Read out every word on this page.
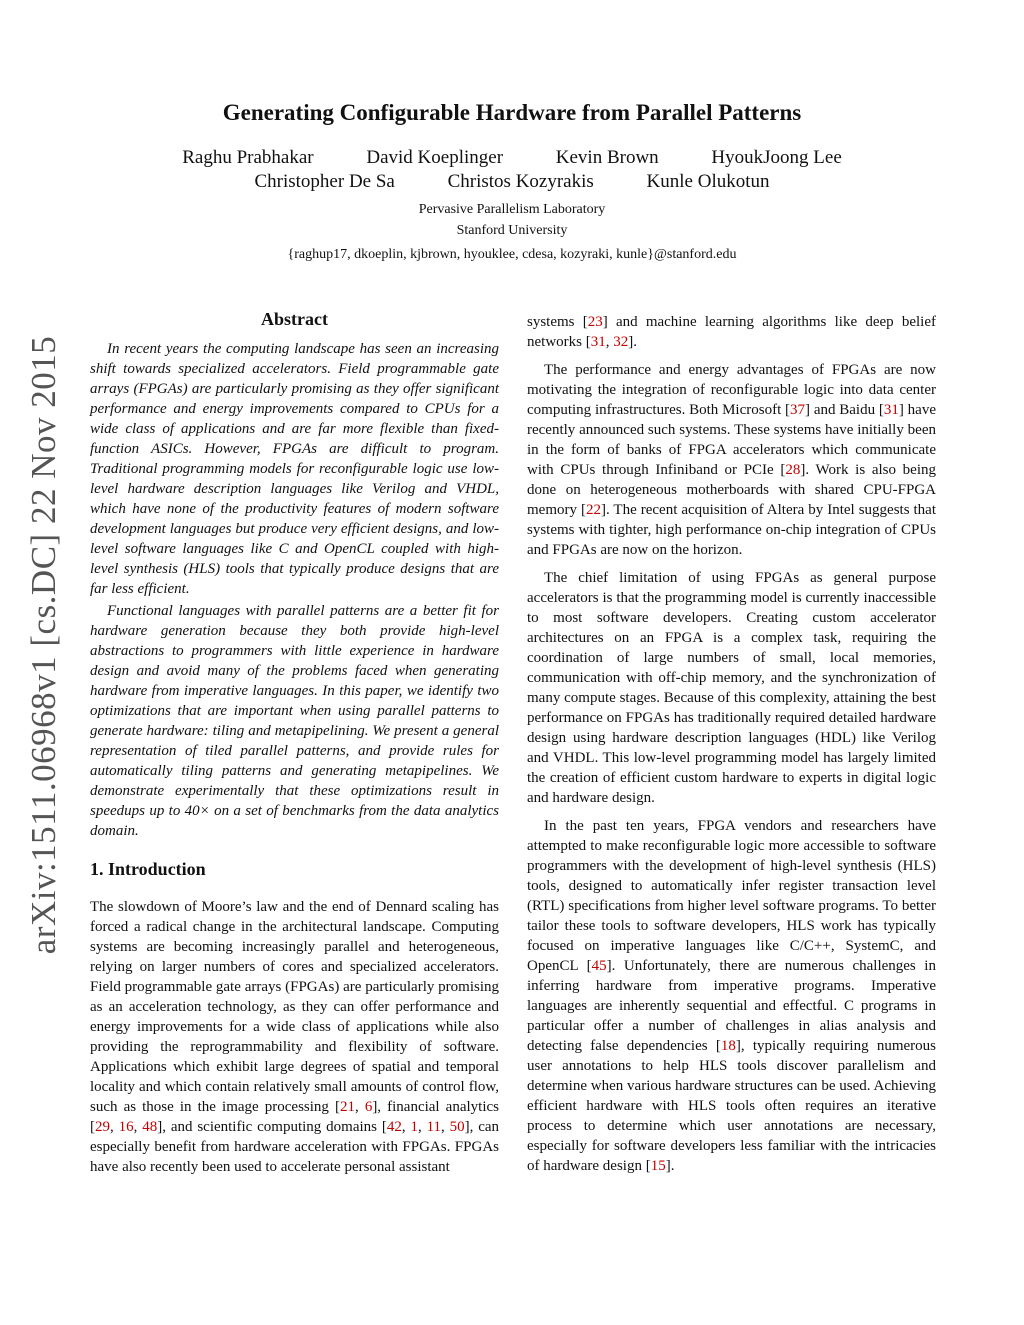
arXiv:1511.06968v1 [cs.DC] 22 Nov 2015
Generating Configurable Hardware from Parallel Patterns
Raghu Prabhakar	David Koeplinger	Kevin Brown	HyoukJoong Lee
Christopher De Sa	Christos Kozyrakis	Kunle Olukotun
Pervasive Parallelism Laboratory
Stanford University
{raghup17, dkoeplin, kjbrown, hyouklee, cdesa, kozyraki, kunle}@stanford.edu
Abstract

In recent years the computing landscape has seen an increasing shift towards specialized accelerators. Field programmable gate arrays (FPGAs) are particularly promising as they offer significant performance and energy improvements compared to CPUs for a wide class of applications and are far more flexible than fixed-function ASICs. However, FPGAs are difficult to program. Traditional programming models for reconfigurable logic use low-level hardware description languages like Verilog and VHDL, which have none of the productivity features of modern software development languages but produce very efficient designs, and low-level software languages like C and OpenCL coupled with high-level synthesis (HLS) tools that typically produce designs that are far less efficient.

Functional languages with parallel patterns are a better fit for hardware generation because they both provide high-level abstractions to programmers with little experience in hardware design and avoid many of the problems faced when generating hardware from imperative languages. In this paper, we identify two optimizations that are important when using parallel patterns to generate hardware: tiling and metapipelining. We present a general representation of tiled parallel patterns, and provide rules for automatically tiling patterns and generating metapipelines. We demonstrate experimentally that these optimizations result in speedups up to 40× on a set of benchmarks from the data analytics domain.

1. Introduction

The slowdown of Moore’s law and the end of Dennard scaling has forced a radical change in the architectural landscape. Computing systems are becoming increasingly parallel and heterogeneous, relying on larger numbers of cores and specialized accelerators. Field programmable gate arrays (FPGAs) are particularly promising as an acceleration technology, as they can offer performance and energy improvements for a wide class of applications while also providing the reprogrammability and flexibility of software. Applications which exhibit large degrees of spatial and temporal locality and which contain relatively small amounts of control flow, such as those in the image processing [21, 6], financial analytics [29, 16, 48], and scientific computing domains [42, 1, 11, 50], can especially benefit from hardware acceleration with FPGAs. FPGAs have also recently been used to accelerate personal assistant

systems [23] and machine learning algorithms like deep belief networks [31, 32].

The performance and energy advantages of FPGAs are now motivating the integration of reconfigurable logic into data center computing infrastructures. Both Microsoft [37] and Baidu [31] have recently announced such systems. These systems have initially been in the form of banks of FPGA accelerators which communicate with CPUs through Infiniband or PCIe [28]. Work is also being done on heterogeneous motherboards with shared CPU-FPGA memory [22]. The recent acquisition of Altera by Intel suggests that systems with tighter, high performance on-chip integration of CPUs and FPGAs are now on the horizon.

The chief limitation of using FPGAs as general purpose accelerators is that the programming model is currently inaccessible to most software developers. Creating custom accelerator architectures on an FPGA is a complex task, requiring the coordination of large numbers of small, local memories, communication with off-chip memory, and the synchronization of many compute stages. Because of this complexity, attaining the best performance on FPGAs has traditionally required detailed hardware design using hardware description languages (HDL) like Verilog and VHDL. This low-level programming model has largely limited the creation of efficient custom hardware to experts in digital logic and hardware design.

In the past ten years, FPGA vendors and researchers have attempted to make reconfigurable logic more accessible to software programmers with the development of high-level synthesis (HLS) tools, designed to automatically infer register transaction level (RTL) specifications from higher level software programs. To better tailor these tools to software developers, HLS work has typically focused on imperative languages like C/C++, SystemC, and OpenCL [45]. Unfortunately, there are numerous challenges in inferring hardware from imperative programs. Imperative languages are inherently sequential and effectful. C programs in particular offer a number of challenges in alias analysis and detecting false dependencies [18], typically requiring numerous user annotations to help HLS tools discover parallelism and determine when various hardware structures can be used. Achieving efficient hardware with HLS tools often requires an iterative process to determine which user annotations are necessary, especially for software developers less familiar with the intricacies of hardware design [15].
